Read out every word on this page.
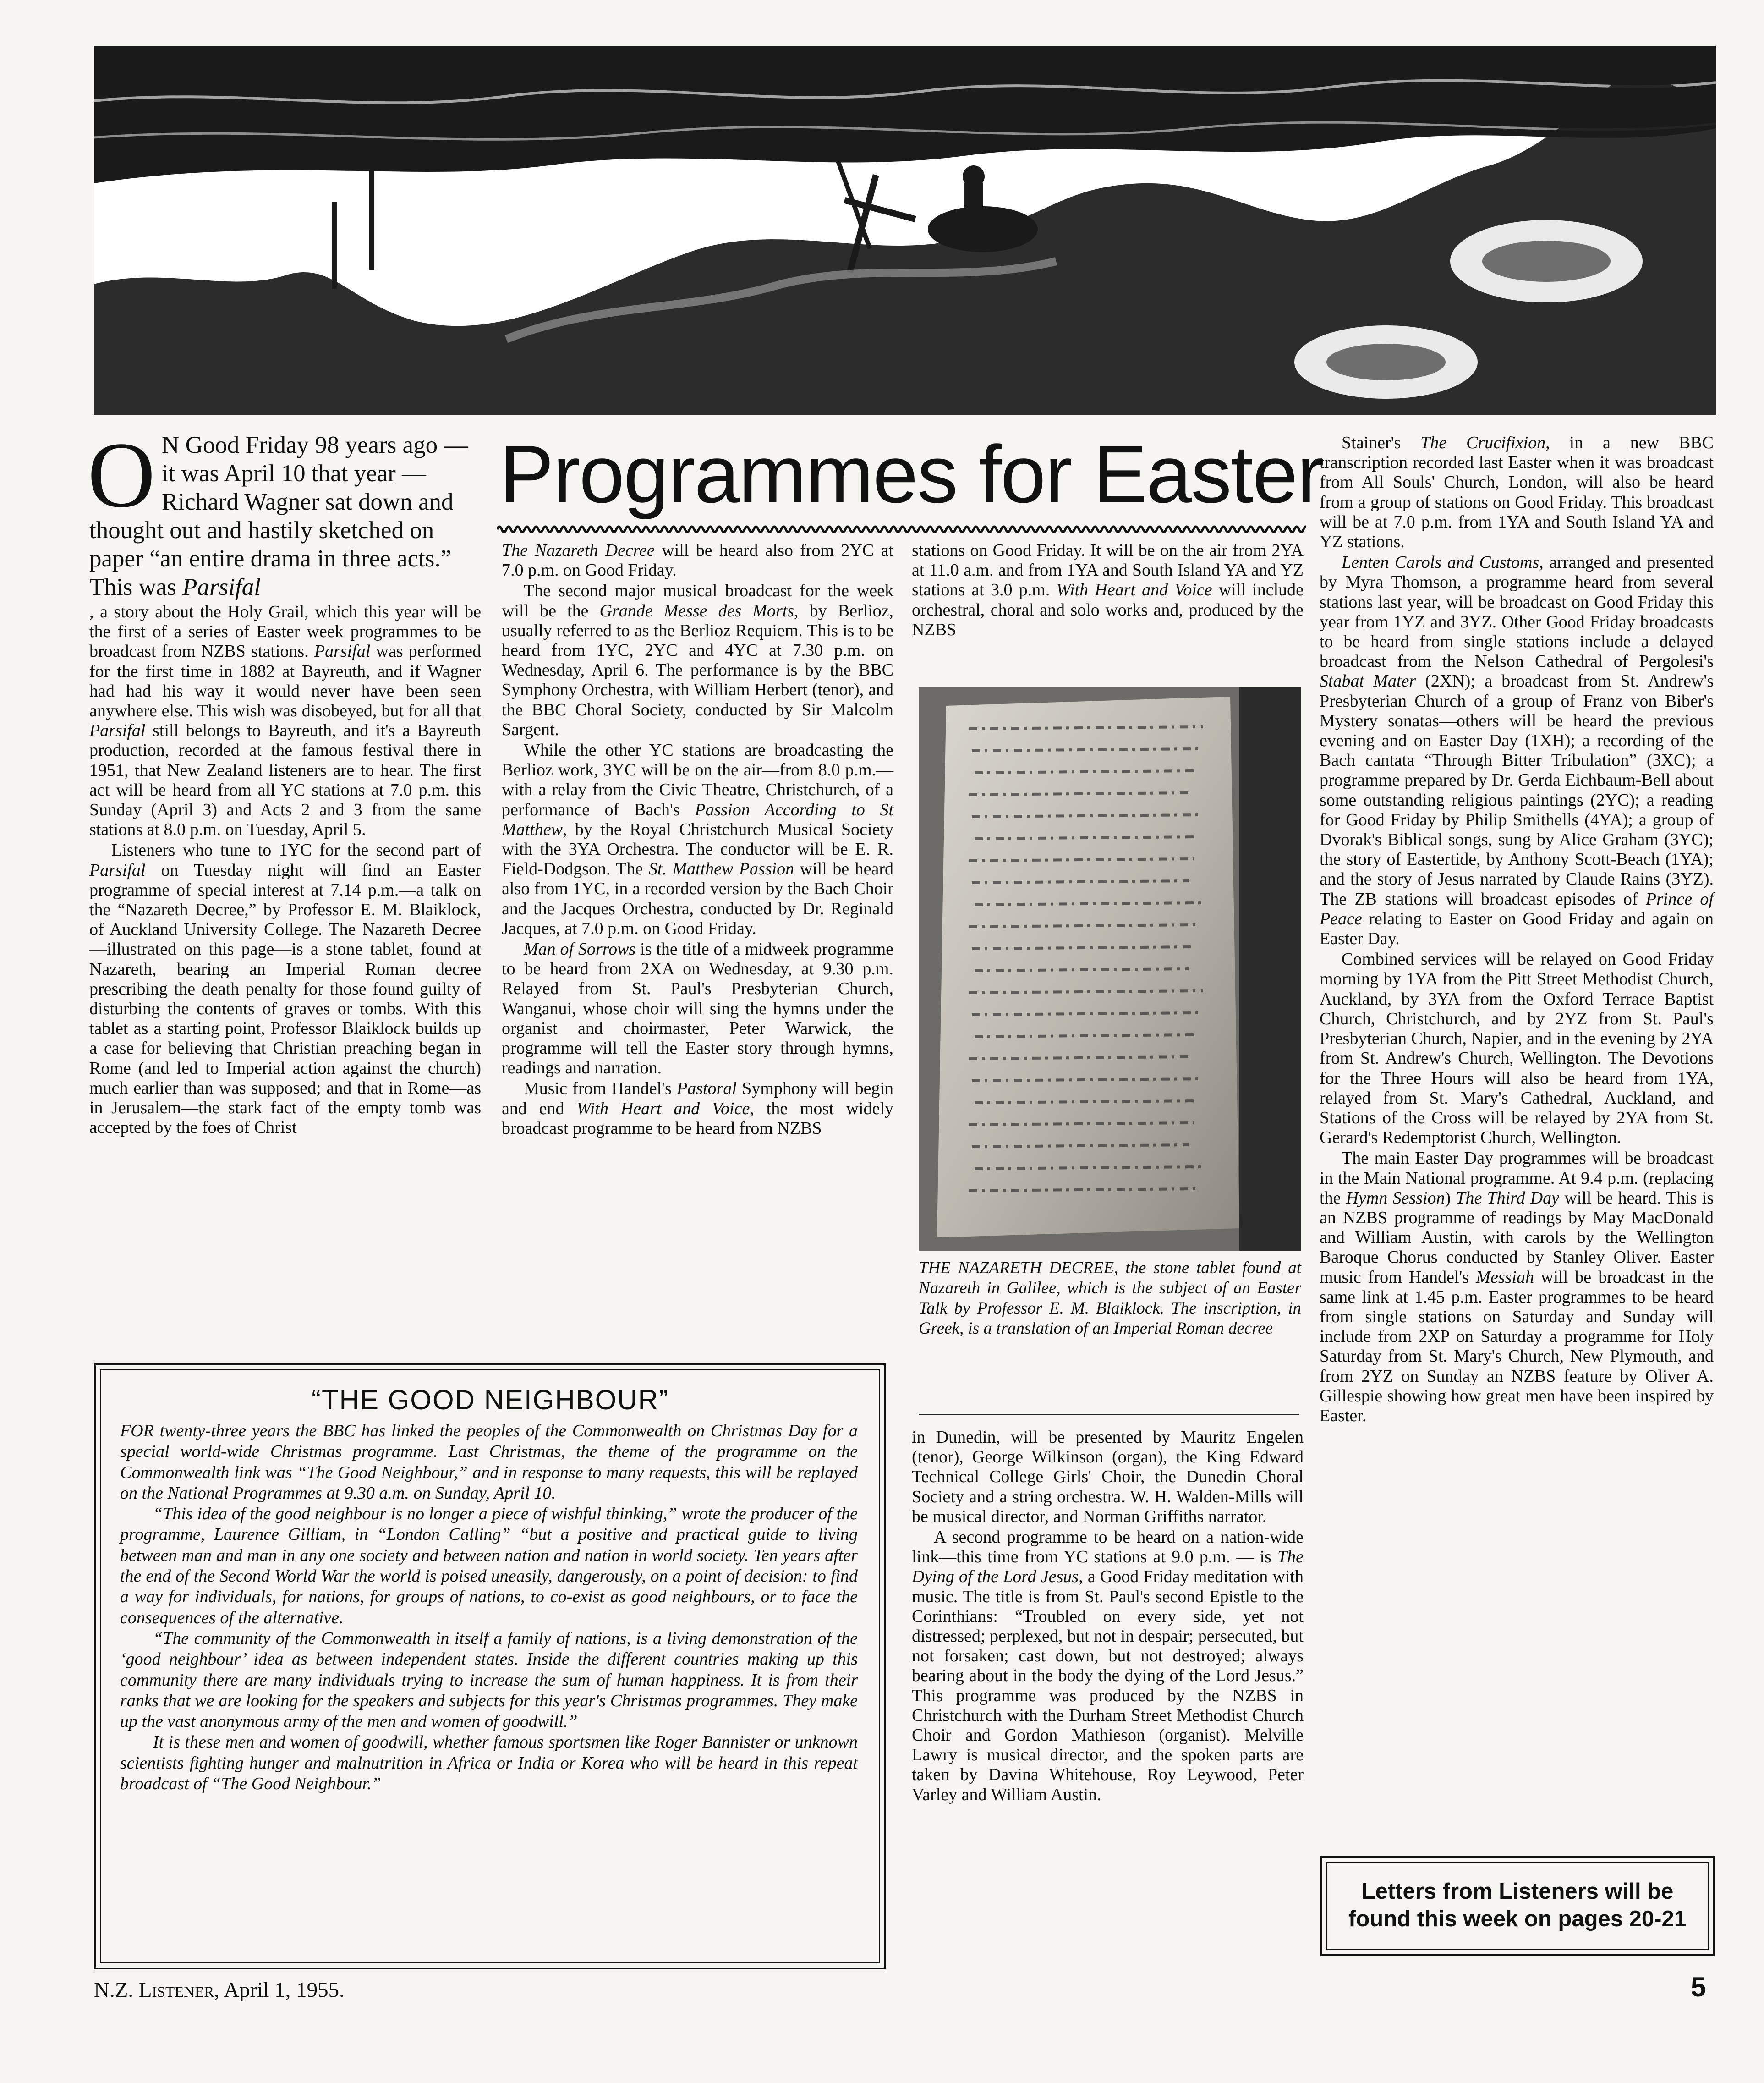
Programmes for Easter

O N Good Friday 98 years ago —it was April 10 that year —Richard Wagner sat down and thought out and hastily sketched on paper “an entire drama in three acts.” This was Parsifal

, a story about the Holy Grail, which this year will be the first of a series of Easter week programmes to be broadcast from NZBS stations. Parsifal was performed for the first time in 1882 at Bayreuth, and if Wagner had had his way it would never have been seen anywhere else. This wish was disobeyed, but for all that Parsifal still belongs to Bayreuth, and it's a Bayreuth production, recorded at the famous festival there in 1951, that New Zealand listeners are to hear. The first act will be heard from all YC stations at 7.0 p.m. this Sunday (April 3) and Acts 2 and 3 from the same stations at 8.0 p.m. on Tuesday, April 5.

Listeners who tune to 1YC for the second part of Parsifal on Tuesday night will find an Easter programme of special interest at 7.14 p.m.—a talk on the “Nazareth Decree,” by Professor E. M. Blaiklock, of Auckland University College. The Nazareth Decree—illustrated on this page—is a stone tablet, found at Nazareth, bearing an Imperial Roman decree prescribing the death penalty for those found guilty of disturbing the contents of graves or tombs. With this tablet as a starting point, Professor Blaiklock builds up a case for believing that Christian preaching began in Rome (and led to Imperial action against the church) much earlier than was supposed; and that in Rome—as in Jerusalem—the stark fact of the empty tomb was accepted by the foes of Christ

The Nazareth Decree will be heard also from 2YC at 7.0 p.m. on Good Friday.

The second major musical broadcast for the week will be the Grande Messe des Morts, by Berlioz, usually referred to as the Berlioz Requiem. This is to be heard from 1YC, 2YC and 4YC at 7.30 p.m. on Wednesday, April 6. The performance is by the BBC Symphony Orchestra, with William Herbert (tenor), and the BBC Choral Society, conducted by Sir Malcolm Sargent.

While the other YC stations are broadcasting the Berlioz work, 3YC will be on the air—from 8.0 p.m.—with a relay from the Civic Theatre, Christchurch, of a performance of Bach's Passion According to St Matthew, by the Royal Christchurch Musical Society with the 3YA Orchestra. The conductor will be E. R. Field-Dodgson. The St. Matthew Passion will be heard also from 1YC, in a recorded version by the Bach Choir and the Jacques Orchestra, conducted by Dr. Reginald Jacques, at 7.0 p.m. on Good Friday.

Man of Sorrows is the title of a midweek programme to be heard from 2XA on Wednesday, at 9.30 p.m. Relayed from St. Paul's Presbyterian Church, Wanganui, whose choir will sing the hymns under the organist and choirmaster, Peter Warwick, the programme will tell the Easter story through hymns, readings and narration.

Music from Handel's Pastoral Symphony will begin and end With Heart and Voice, the most widely broadcast programme to be heard from NZBS

stations on Good Friday. It will be on the air from 2YA at 11.0 a.m. and from 1YA and South Island YA and YZ stations at 3.0 p.m. With Heart and Voice will include orchestral, choral and solo works and, produced by the NZBS

THE NAZARETH DECREE, the stone tablet found at Nazareth in Galilee, which is the subject of an Easter Talk by Professor E. M. Blaiklock. The inscription, in Greek, is a translation of an Imperial Roman decree

in Dunedin, will be presented by Mauritz Engelen (tenor), George Wilkinson (organ), the King Edward Technical College Girls' Choir, the Dunedin Choral Society and a string orchestra. W. H. Walden-Mills will be musical director, and Norman Griffiths narrator.

A second programme to be heard on a nation-wide link—this time from YC stations at 9.0 p.m. — is The Dying of the Lord Jesus, a Good Friday meditation with music. The title is from St. Paul's second Epistle to the Corinthians: “Troubled on every side, yet not distressed; perplexed, but not in despair; persecuted, but not forsaken; cast down, but not destroyed; always bearing about in the body the dying of the Lord Jesus.” This programme was produced by the NZBS in Christchurch with the Durham Street Methodist Church Choir and Gordon Mathieson (organist). Melville Lawry is musical director, and the spoken parts are taken by Davina Whitehouse, Roy Leywood, Peter Varley and William Austin.

Stainer's The Crucifixion, in a new BBC transcription recorded last Easter when it was broadcast from All Souls' Church, London, will also be heard from a group of stations on Good Friday. This broadcast will be at 7.0 p.m. from 1YA and South Island YA and YZ stations.

Lenten Carols and Customs, arranged and presented by Myra Thomson, a programme heard from several stations last year, will be broadcast on Good Friday this year from 1YZ and 3YZ. Other Good Friday broadcasts to be heard from single stations include a delayed broadcast from the Nelson Cathedral of Pergolesi's Stabat Mater (2XN); a broadcast from St. Andrew's Presbyterian Church of a group of Franz von Biber's Mystery sonatas—others will be heard the previous evening and on Easter Day (1XH); a recording of the Bach cantata “Through Bitter Tribulation” (3XC); a programme prepared by Dr. Gerda Eichbaum-Bell about some outstanding religious paintings (2YC); a reading for Good Friday by Philip Smithells (4YA); a group of Dvorak's Biblical songs, sung by Alice Graham (3YC); the story of Eastertide, by Anthony Scott-Beach (1YA); and the story of Jesus narrated by Claude Rains (3YZ). The ZB stations will broadcast episodes of Prince of Peace relating to Easter on Good Friday and again on Easter Day.

Combined services will be relayed on Good Friday morning by 1YA from the Pitt Street Methodist Church, Auckland, by 3YA from the Oxford Terrace Baptist Church, Christchurch, and by 2YZ from St. Paul's Presbyterian Church, Napier, and in the evening by 2YA from St. Andrew's Church, Wellington. The Devotions for the Three Hours will also be heard from 1YA, relayed from St. Mary's Cathedral, Auckland, and Stations of the Cross will be relayed by 2YA from St. Gerard's Redemptorist Church, Wellington.

The main Easter Day programmes will be broadcast in the Main National programme. At 9.4 p.m. (replacing the Hymn Session) The Third Day will be heard. This is an NZBS programme of readings by May MacDonald and William Austin, with carols by the Wellington Baroque Chorus conducted by Stanley Oliver. Easter music from Handel's Messiah will be broadcast in the same link at 1.45 p.m. Easter programmes to be heard from single stations on Saturday and Sunday will include from 2XP on Saturday a programme for Holy Saturday from St. Mary's Church, New Plymouth, and from 2YZ on Sunday an NZBS feature by Oliver A. Gillespie showing how great men have been inspired by Easter.

“THE GOOD NEIGHBOUR”

FOR twenty-three years the BBC has linked the peoples of the Commonwealth on Christmas Day for a special world-wide Christmas programme. Last Christmas, the theme of the programme on the Commonwealth link was “The Good Neighbour,” and in response to many requests, this will be replayed on the National Programmes at 9.30 a.m. on Sunday, April 10.

“This idea of the good neighbour is no longer a piece of wishful thinking,” wrote the producer of the programme, Laurence Gilliam, in “London Calling” “but a positive and practical guide to living between man and man in any one society and between nation and nation in world society. Ten years after the end of the Second World War the world is poised uneasily, dangerously, on a point of decision: to find a way for individuals, for nations, for groups of nations, to co-exist as good neighbours, or to face the consequences of the alternative.

“The community of the Commonwealth in itself a family of nations, is a living demonstration of the ‘good neighbour’ idea as between independent states. Inside the different countries making up this community there are many individuals trying to increase the sum of human happiness. It is from their ranks that we are looking for the speakers and subjects for this year's Christmas programmes. They make up the vast anonymous army of the men and women of goodwill.”

It is these men and women of goodwill, whether famous sportsmen like Roger Bannister or unknown scientists fighting hunger and malnutrition in Africa or India or Korea who will be heard in this repeat broadcast of “The Good Neighbour.”

Letters from Listeners will be
found this week on pages 20-21
N.Z. Listener, April 1, 1955.	5
